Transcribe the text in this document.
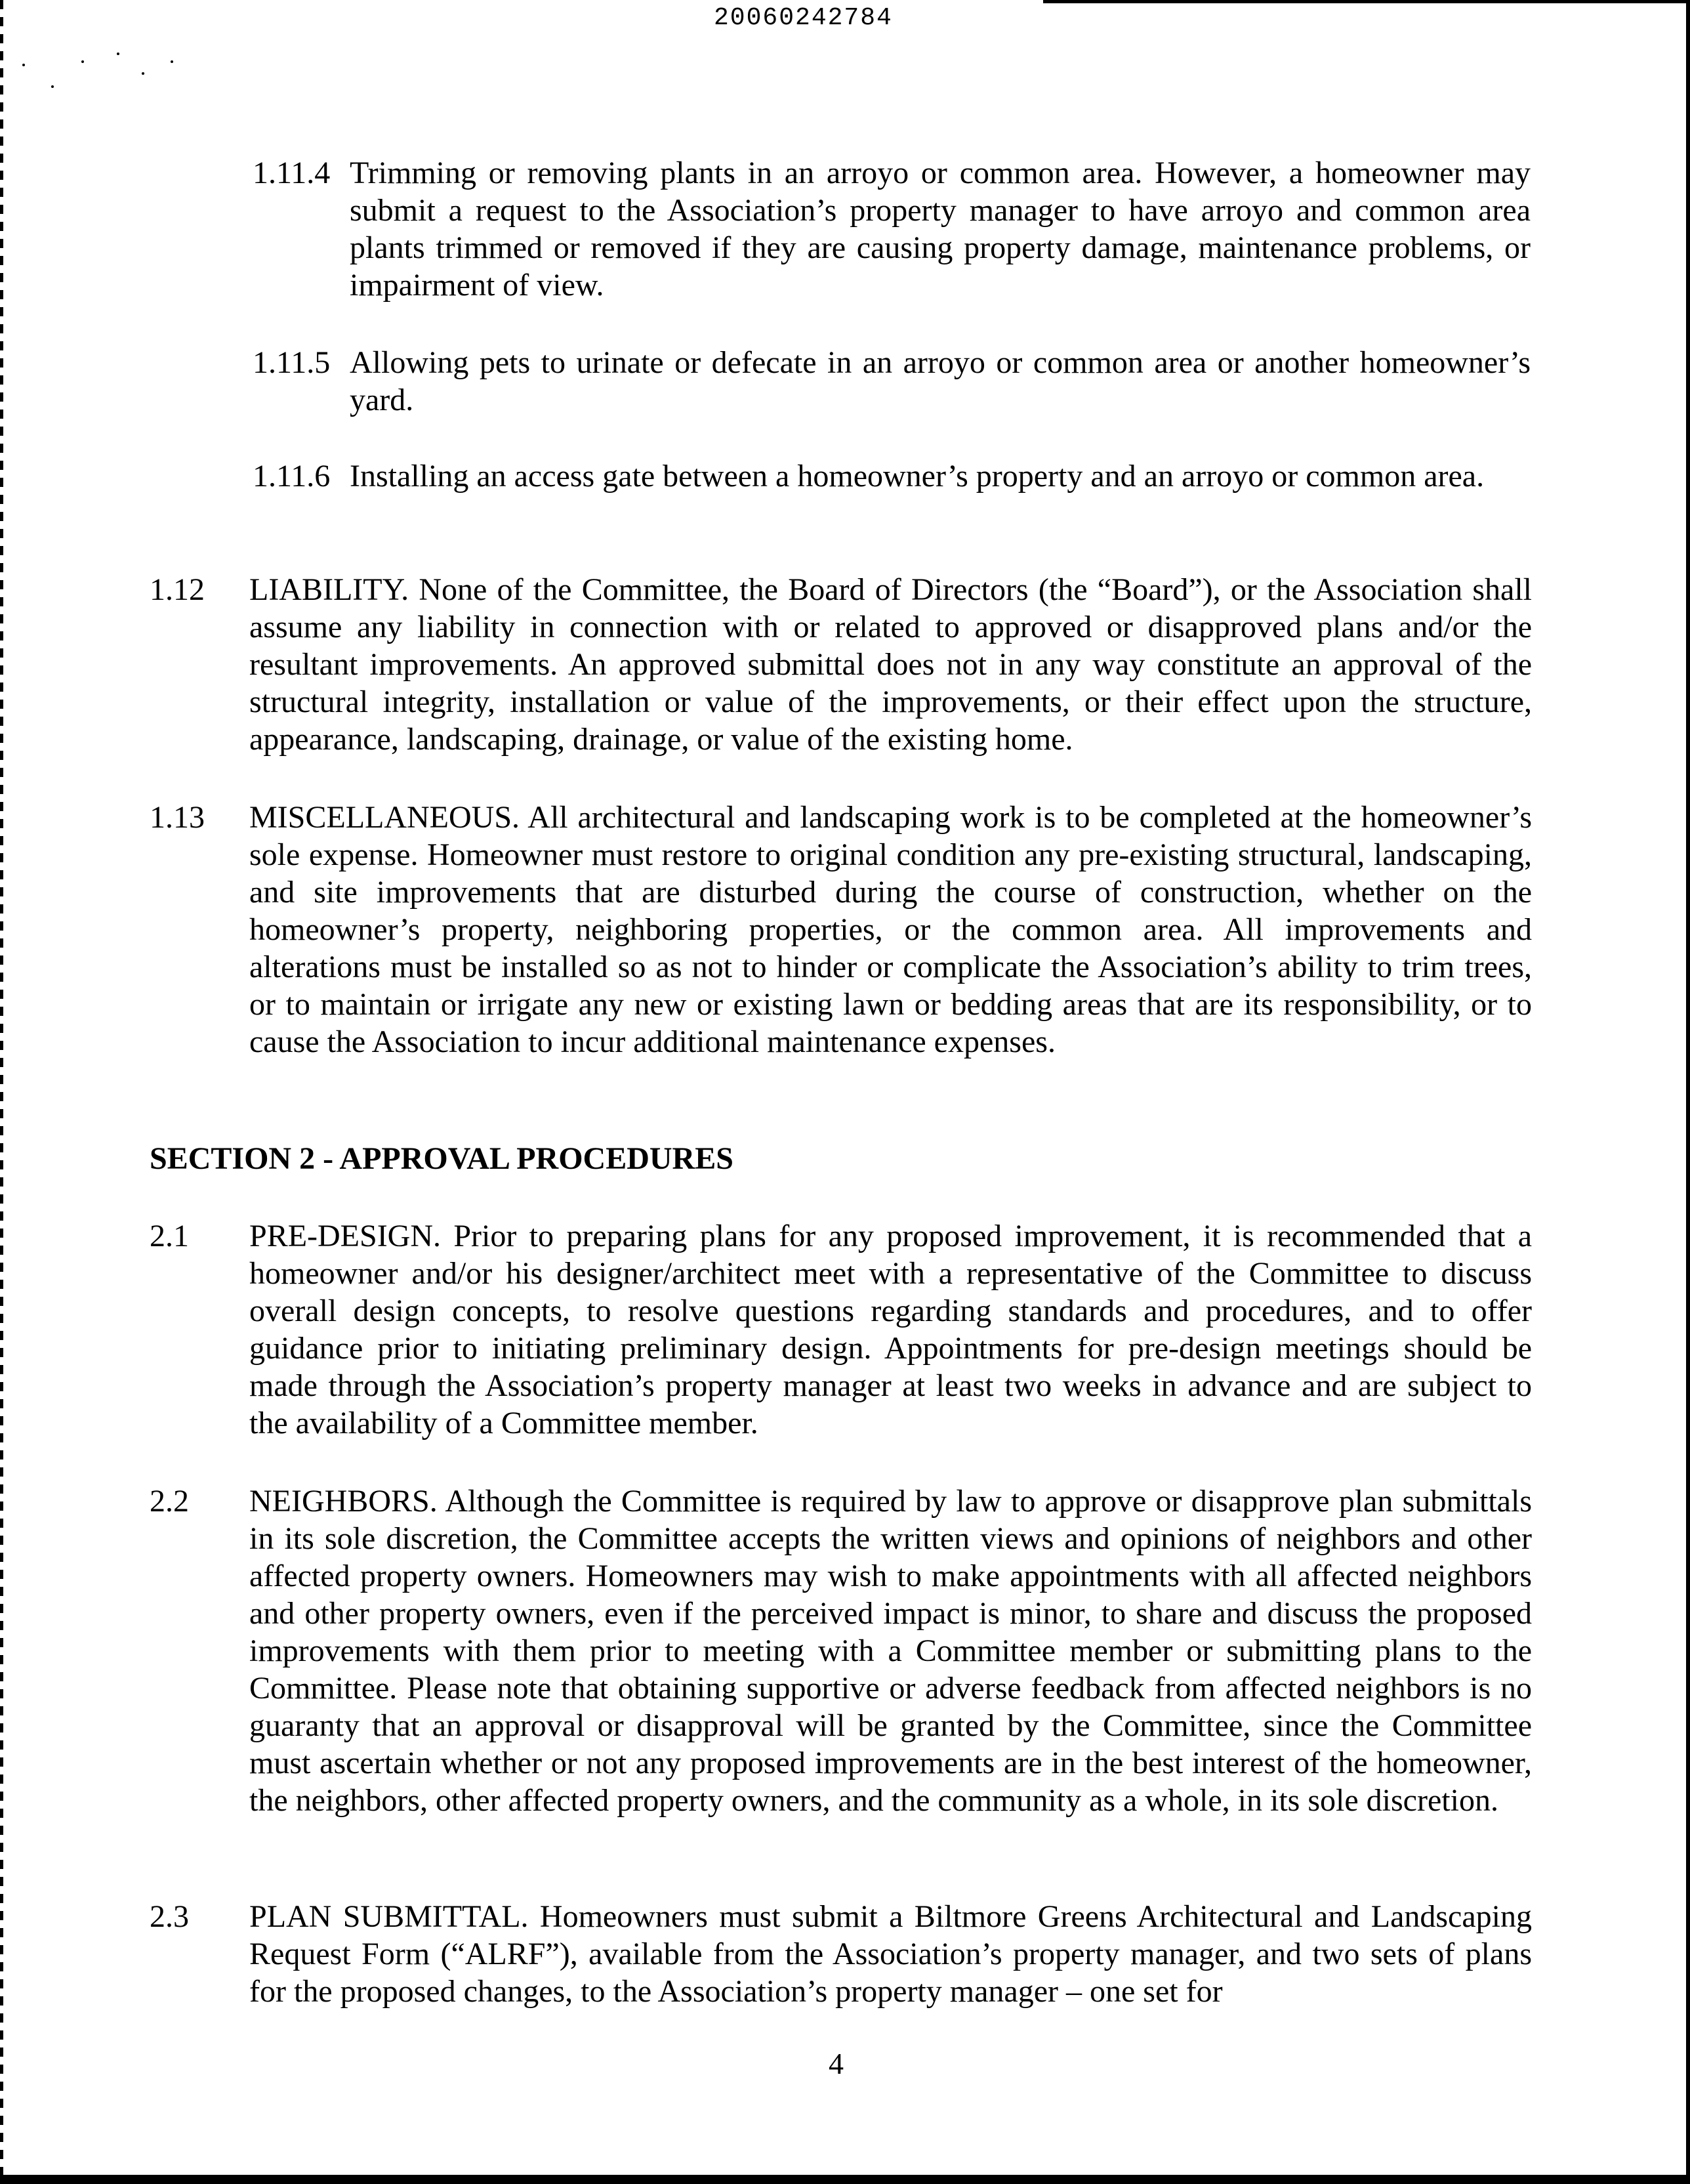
20060242784
1.11.4 Trimming or removing plants in an arroyo or common area. However, a homeowner may submit a request to the Association’s property manager to have arroyo and common area plants trimmed or removed if they are causing property damage, maintenance problems, or impairment of view.
1.11.5 Allowing pets to urinate or defecate in an arroyo or common area or another homeowner’s yard.
1.11.6 Installing an access gate between a homeowner’s property and an arroyo or common area.
1.12 LIABILITY. None of the Committee, the Board of Directors (the “Board”), or the Association shall assume any liability in connection with or related to approved or disapproved plans and/or the resultant improvements. An approved submittal does not in any way constitute an approval of the structural integrity, installation or value of the improvements, or their effect upon the structure, appearance, landscaping, drainage, or value of the existing home.
1.13 MISCELLANEOUS. All architectural and landscaping work is to be completed at the homeowner’s sole expense. Homeowner must restore to original condition any pre-existing structural, landscaping, and site improvements that are disturbed during the course of construction, whether on the homeowner’s property, neighboring properties, or the common area. All improvements and alterations must be installed so as not to hinder or complicate the Association’s ability to trim trees, or to maintain or irrigate any new or existing lawn or bedding areas that are its responsibility, or to cause the Association to incur additional maintenance expenses.
SECTION 2 - APPROVAL PROCEDURES
2.1 PRE-DESIGN. Prior to preparing plans for any proposed improvement, it is recommended that a homeowner and/or his designer/architect meet with a representative of the Committee to discuss overall design concepts, to resolve questions regarding standards and procedures, and to offer guidance prior to initiating preliminary design. Appointments for pre-design meetings should be made through the Association’s property manager at least two weeks in advance and are subject to the availability of a Committee member.
2.2 NEIGHBORS. Although the Committee is required by law to approve or disapprove plan submittals in its sole discretion, the Committee accepts the written views and opinions of neighbors and other affected property owners. Homeowners may wish to make appointments with all affected neighbors and other property owners, even if the perceived impact is minor, to share and discuss the proposed improvements with them prior to meeting with a Committee member or submitting plans to the Committee. Please note that obtaining supportive or adverse feedback from affected neighbors is no guaranty that an approval or disapproval will be granted by the Committee, since the Committee must ascertain whether or not any proposed improvements are in the best interest of the homeowner, the neighbors, other affected property owners, and the community as a whole, in its sole discretion.
2.3 PLAN SUBMITTAL. Homeowners must submit a Biltmore Greens Architectural and Landscaping Request Form (“ALRF”), available from the Association’s property manager, and two sets of plans for the proposed changes, to the Association’s property manager – one set for
4
